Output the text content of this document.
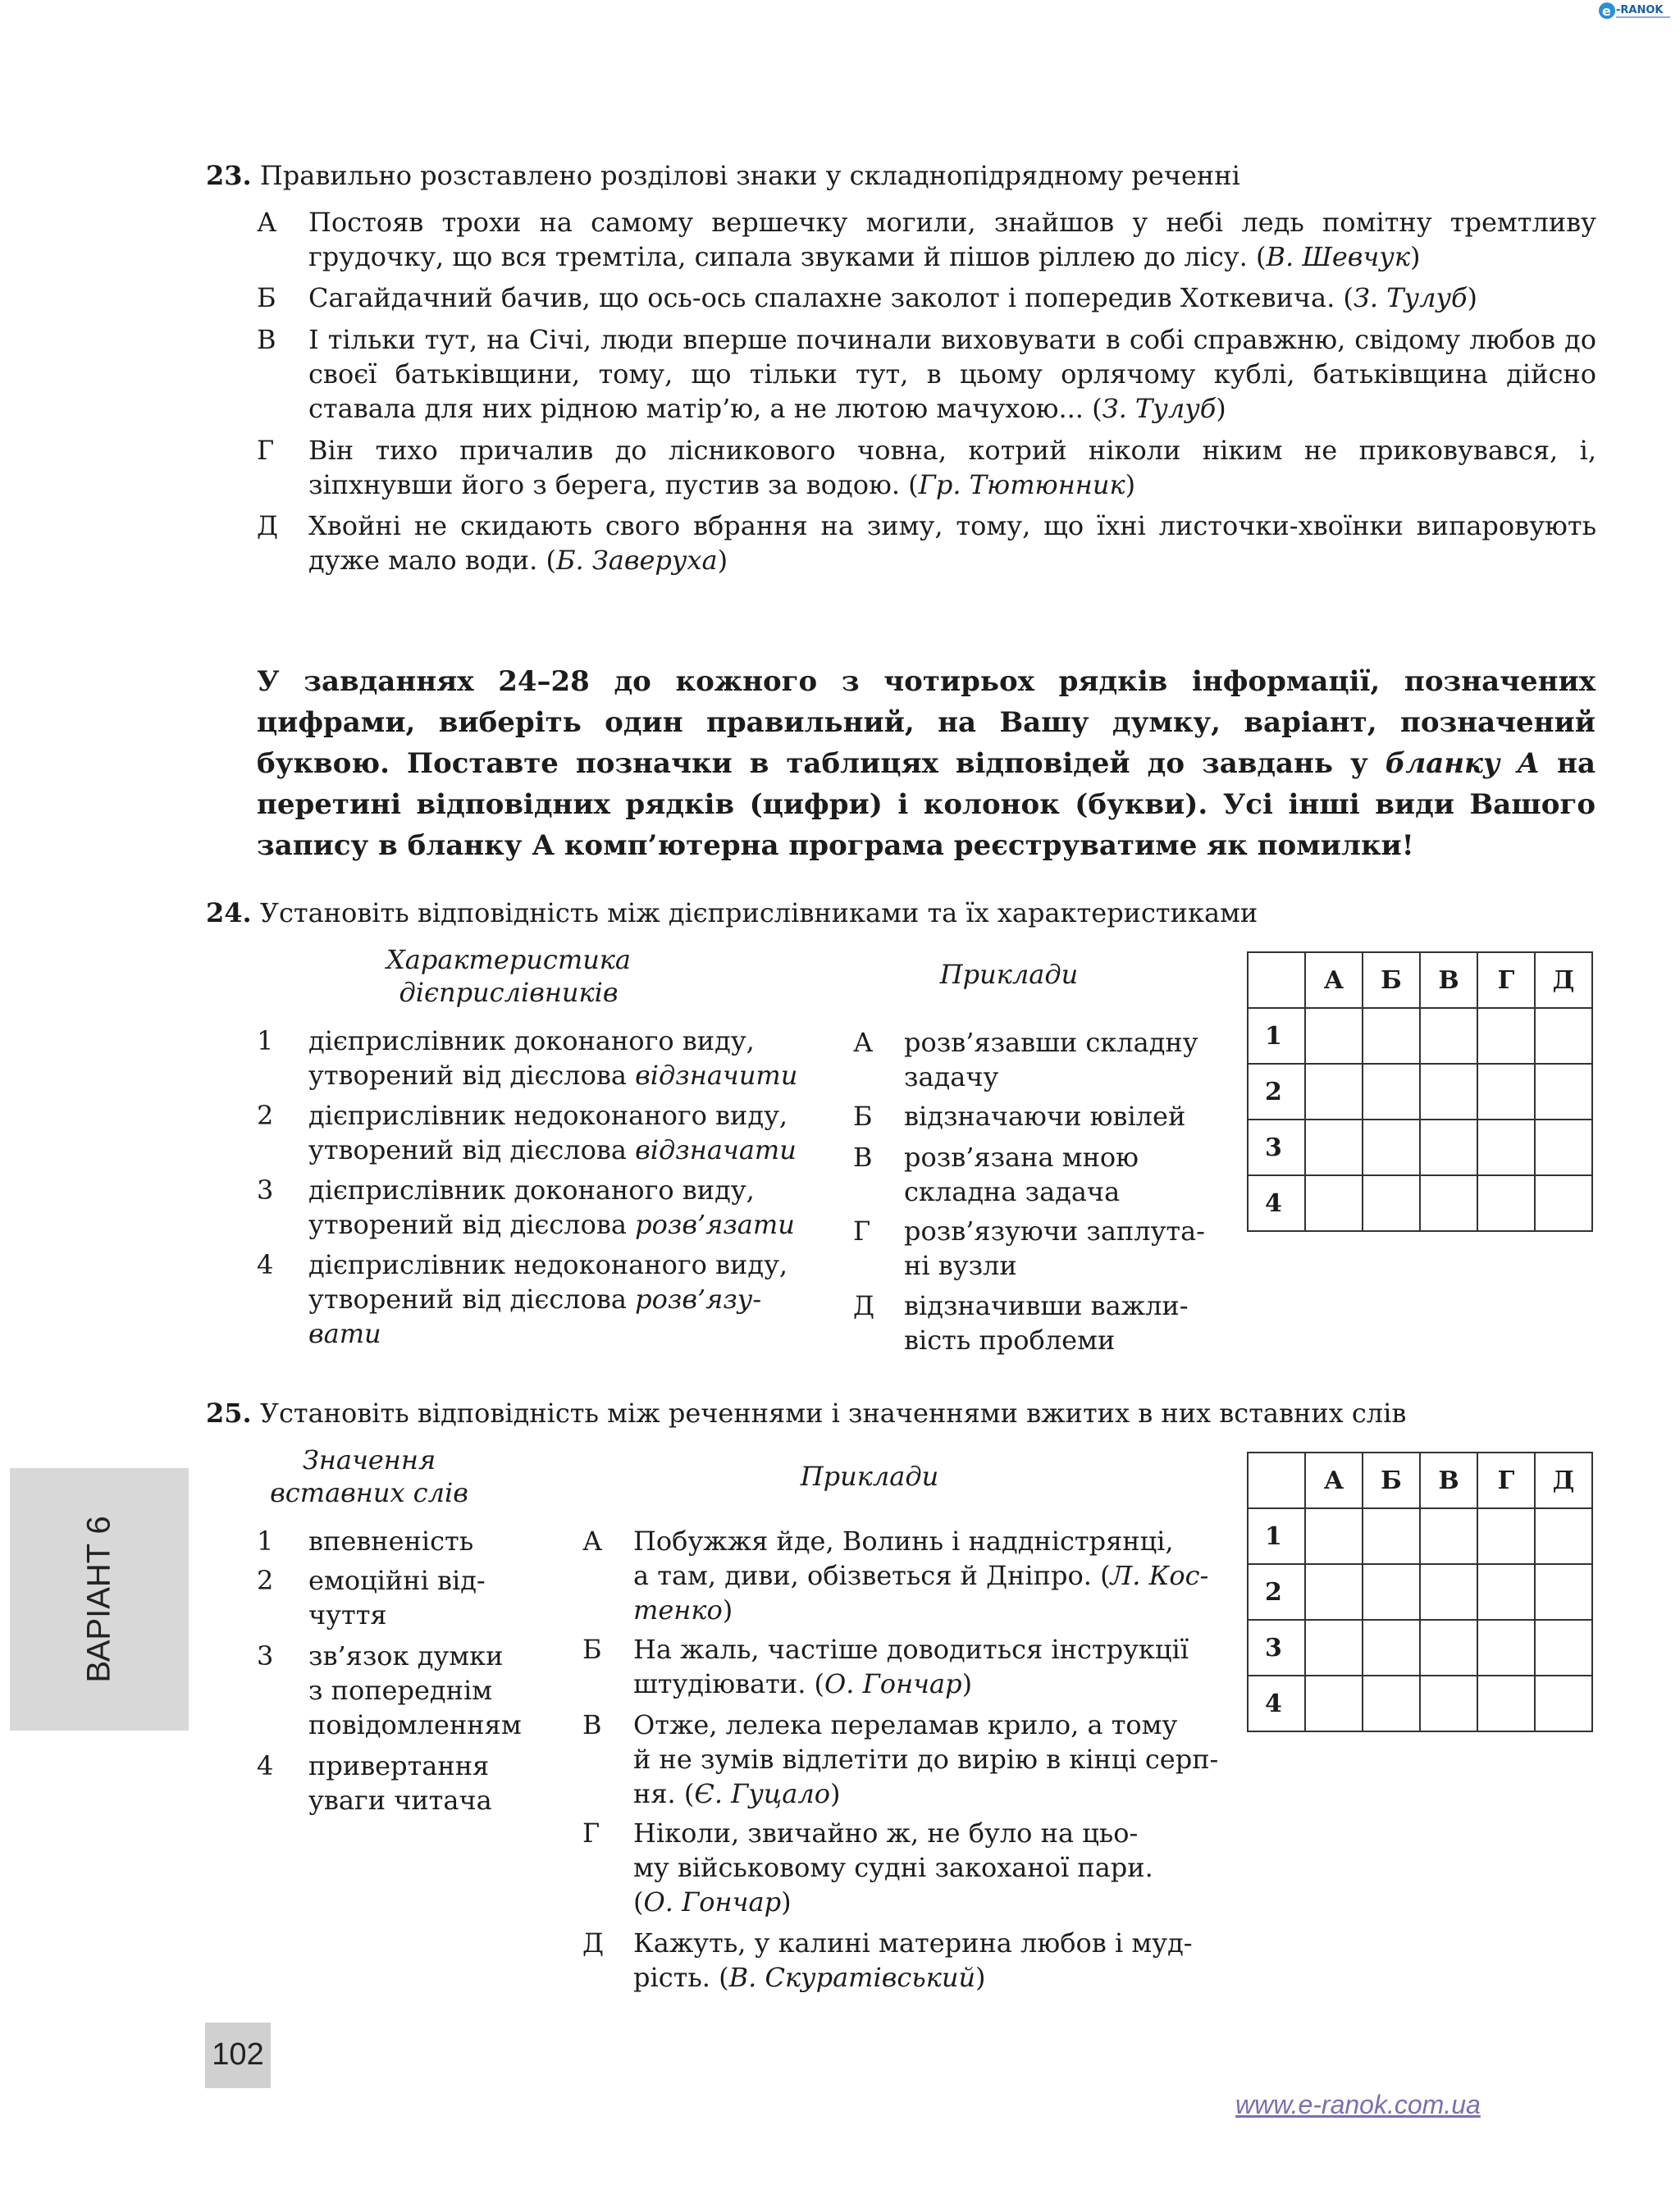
e -RANOK
23. Правильно розставлено розділові знаки у складнопідрядному реченні
А Постояв трохи на самому вершечку могили, знайшов у небі ледь помітну тремтливу грудочку, що вся тремтіла, сипала звуками й пішов ріллею до лісу. (В. Шевчук)
Б Сагайдачний бачив, що ось-ось спалахне заколот і попередив Хоткевича. (З. Тулуб)
В І тільки тут, на Січі, люди вперше починали виховувати в собі справжню, свідому любов до своєї батьківщини, тому, що тільки тут, в цьому орлячому кублі, батьківщина дійсно ставала для них рідною матір’ю, а не лютою мачухою... (З. Тулуб)
Г Він тихо причалив до лісникового човна, котрий ніколи ніким не приковувався, і, зіпхнувши його з берега, пустив за водою. (Гр. Тютюнник)
Д Хвойні не скидають свого вбрання на зиму, тому, що їхні листочки-хвоїнки випаровують дуже мало води. (Б. Заверуха)
У завданнях 24–28 до кожного з чотирьох рядків інформації, позначених цифрами, виберіть один правильний, на Вашу думку, варіант, позначений буквою. Поставте позначки в таблицях відповідей до завдань у бланку А на перетині відповідних рядків (цифри) і колонок (букви). Усі інші види Вашого запису в бланку А комп’ютерна програма реєструватиме як помилки!
24. Установіть відповідність між дієприслівниками та їх характеристиками
Характеристика
дієприслівників
Приклади
1 дієприслівник доконаного виду,
утворений від дієслова відзначити
2 дієприслівник недоконаного виду,
утворений від дієслова відзначати
3 дієприслівник доконаного виду,
утворений від дієслова розв’язати
4 дієприслівник недоконаного виду,
утворений від дієслова розв’язу-
вати
А розв’язавши складну
задачу
Б відзначаючи ювілей
В розв’язана мною
складна задача
Г розв’язуючи заплута-
ні вузли
Д відзначивши важли-
вість проблеми
	А	Б	В	Г	Д
1					
2					
3					
4					
25. Установіть відповідність між реченнями і значеннями вжитих в них вставних слів
Значення
вставних слів
Приклади
1 впевненість
2 емоційні від-
чуття
3 зв’язок думки
з попереднім
повідомленням
4 привертання
уваги читача
А Побужжя йде, Волинь і наддністрянці,
а там, диви, обізветься й Дніпро. (Л. Кос-
тенко)
Б На жаль, частіше доводиться інструкції
штудіювати. (О. Гончар)
В Отже, лелека переламав крило, а тому
й не зумів відлетіти до вирію в кінці серп-
ня. (Є. Гуцало)
Г Ніколи, звичайно ж, не було на цьо-
му військовому судні закоханої пари.
(О. Гончар)
Д Кажуть, у калині материна любов і муд-
рість. (В. Скуратівський)
	А	Б	В	Г	Д
1					
2					
3					
4					
ВАРІАНТ 6
102
www.e-ranok.com.ua
